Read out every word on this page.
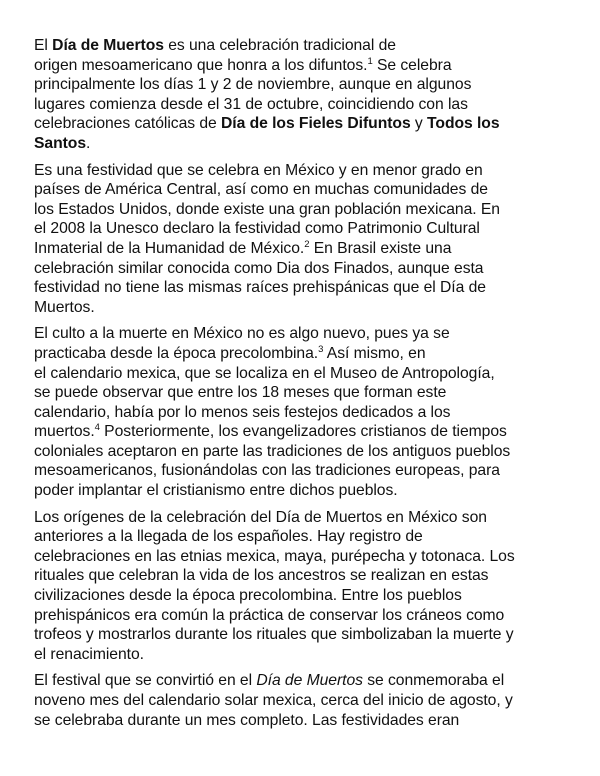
El Día de Muertos es una celebración tradicional de
origen mesoamericano que honra a los difuntos.$^1$ Se celebra
principalmente los días 1 y 2 de noviembre, aunque en algunos
lugares comienza desde el 31 de octubre, coincidiendo con las
celebraciones católicas de Día de los Fieles Difuntos y Todos los
Santos.
Es una festividad que se celebra en México y en menor grado en
países de América Central, así como en muchas comunidades de
los Estados Unidos, donde existe una gran población mexicana. En
el 2008 la Unesco declaro la festividad como Patrimonio Cultural
Inmaterial de la Humanidad de México.$^2$ En Brasil existe una
celebración similar conocida como Dia dos Finados, aunque esta
festividad no tiene las mismas raíces prehispánicas que el Día de
Muertos.
El culto a la muerte en México no es algo nuevo, pues ya se
practicaba desde la época precolombina.$^3$ Así mismo, en
el calendario mexica, que se localiza en el Museo de Antropología,
se puede observar que entre los 18 meses que forman este
calendario, había por lo menos seis festejos dedicados a los
muertos.$^4$ Posteriormente, los evangelizadores cristianos de tiempos
coloniales aceptaron en parte las tradiciones de los antiguos pueblos
mesoamericanos, fusionándolas con las tradiciones europeas, para
poder implantar el cristianismo entre dichos pueblos.
Los orígenes de la celebración del Día de Muertos en México son
anteriores a la llegada de los españoles. Hay registro de
celebraciones en las etnias mexica, maya, purépecha y totonaca. Los
rituales que celebran la vida de los ancestros se realizan en estas
civilizaciones desde la época precolombina. Entre los pueblos
prehispánicos era común la práctica de conservar los cráneos como
trofeos y mostrarlos durante los rituales que simbolizaban la muerte y
el renacimiento.
El festival que se convirtió en el Día de Muertos se conmemoraba el
noveno mes del calendario solar mexica, cerca del inicio de agosto, y
se celebraba durante un mes completo. Las festividades eran
